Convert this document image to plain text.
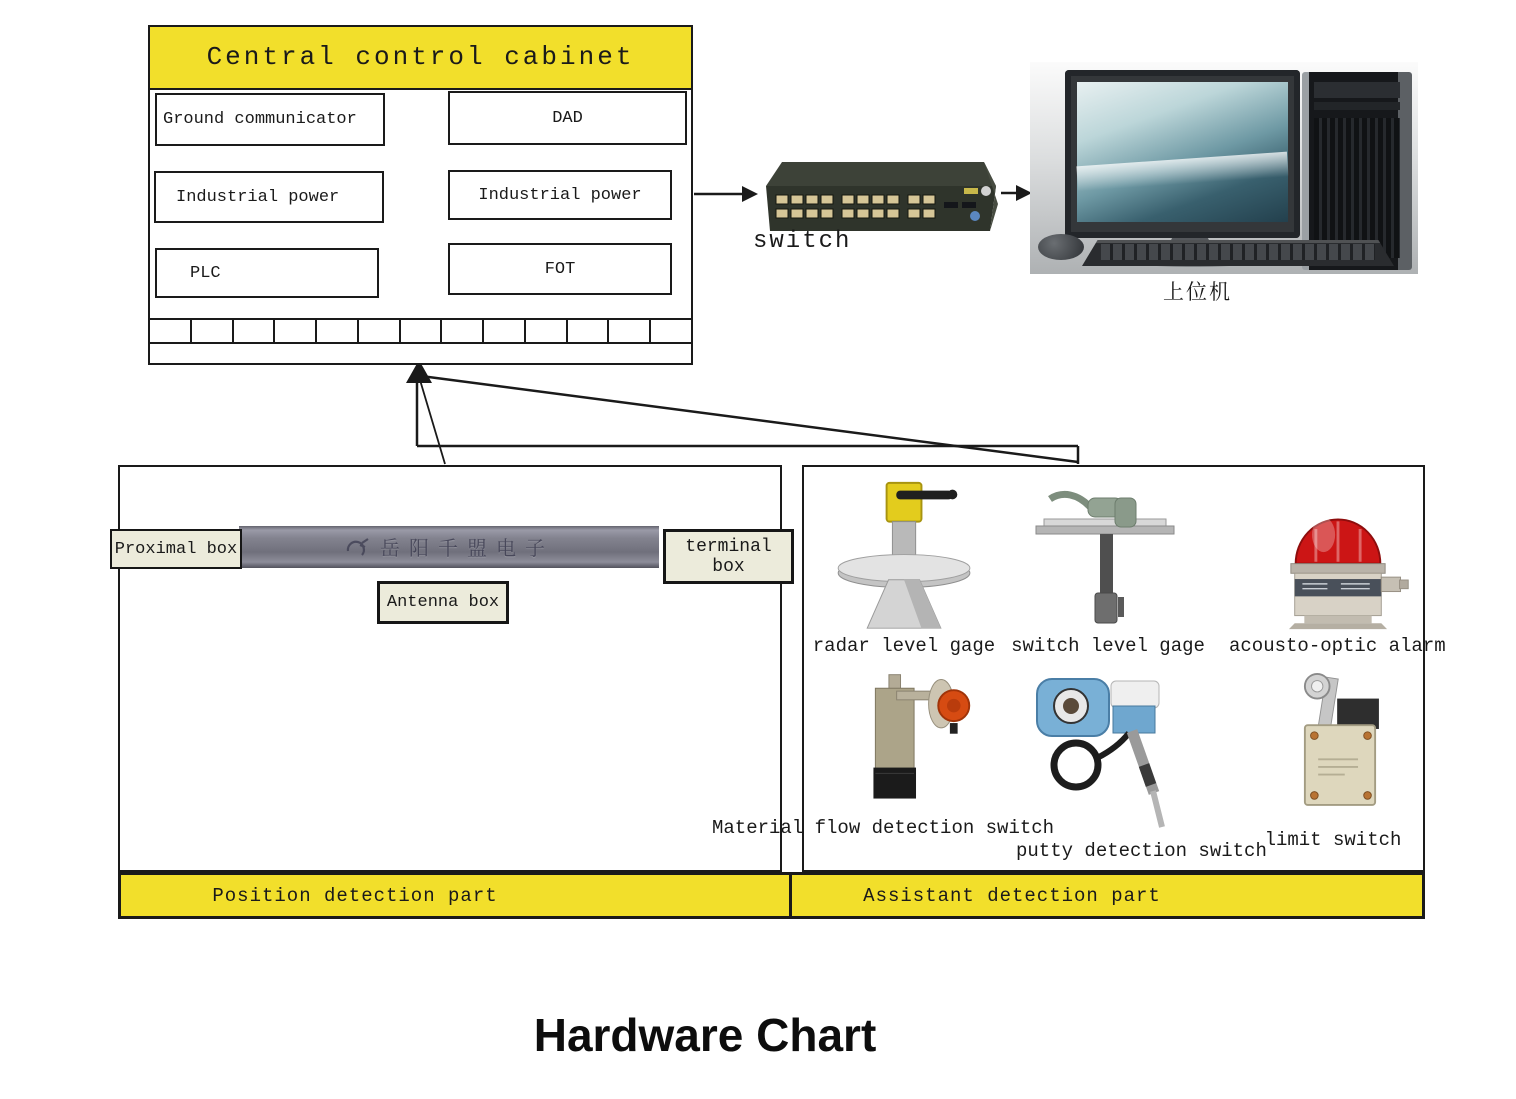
Central control cabinet
Ground communicator	DAD
Industrial power	Industrial power
PLC	FOT
switch
上位机
岳阳千盟电子
Proximal box	terminal box
Antenna box
radar level gage switch level gage acousto-optic alarm
Material flow detection switch
putty detection switch
limit switch
Position detection part	Assistant detection part
Hardware Chart
